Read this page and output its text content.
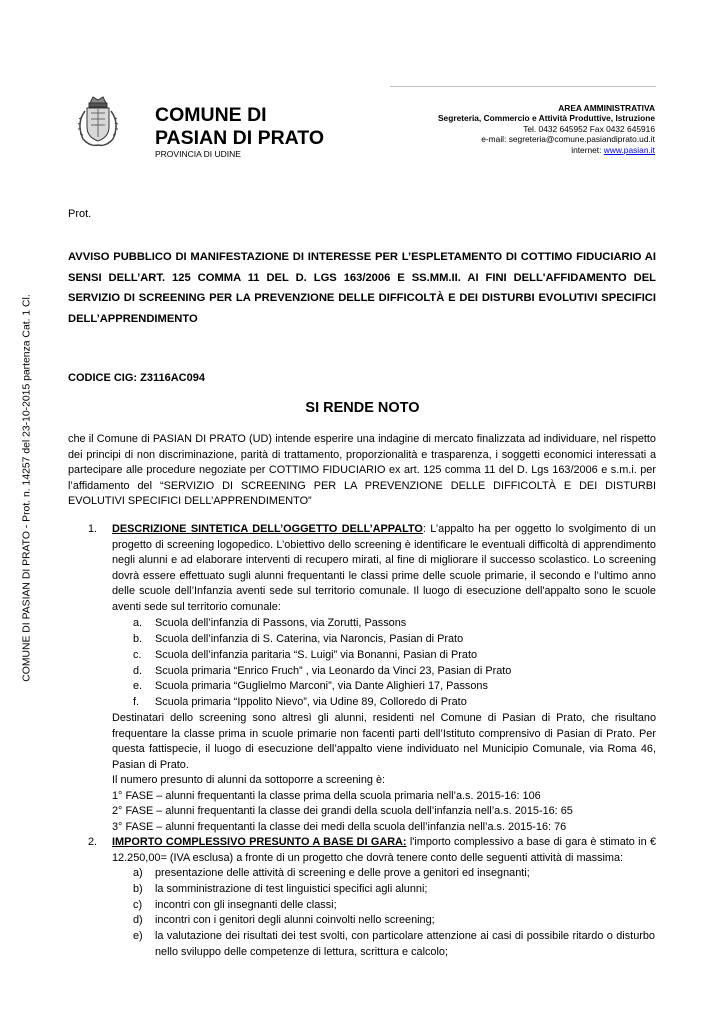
COMUNE DI PASIAN DI PRATO - Prot. n. 14257 del 23-10-2015 partenza Cat. 1 Cl.
COMUNE DI
PASIAN DI PRATO
PROVINCIA DI UDINE
AREA AMMINISTRATIVA
Segreteria, Commercio e Attività Produttive, Istruzione
Tel. 0432 645952 Fax 0432 645916
e-mail: segreteria@comune.pasiandiprato.ud.it
internet: www.pasian.it
Prot.
AVVISO PUBBLICO DI MANIFESTAZIONE DI INTERESSE PER L’ESPLETAMENTO DI COTTIMO FIDUCIARIO AI SENSI DELL’ART. 125 COMMA 11 DEL D. LGS 163/2006 E SS.MM.II. AI FINI DELL'AFFIDAMENTO DEL SERVIZIO DI SCREENING PER LA PREVENZIONE DELLE DIFFICOLTÀ E DEI DISTURBI EVOLUTIVI SPECIFICI DELL’APPRENDIMENTO
CODICE CIG: Z3116AC094
SI RENDE NOTO
che il Comune di PASIAN DI PRATO (UD) intende esperire una indagine di mercato finalizzata ad individuare, nel rispetto dei principi di non discriminazione, parità di trattamento, proporzionalità e trasparenza, i soggetti economici interessati a partecipare alle procedure negoziate per COTTIMO FIDUCIARIO ex art. 125 comma 11 del D. Lgs 163/2006 e s.m.i. per l’affidamento del “SERVIZIO DI SCREENING PER LA PREVENZIONE DELLE DIFFICOLTÀ E DEI DISTURBI EVOLUTIVI SPECIFICI DELL’APPRENDIMENTO”
1. DESCRIZIONE SINTETICA DELL’OGGETTO DELL’APPALTO: L’appalto ha per oggetto lo svolgimento di un progetto di screening logopedico. L’obiettivo dello screening è identificare le eventuali difficoltà di apprendimento negli alunni e ad elaborare interventi di recupero mirati, al fine di migliorare il successo scolastico. Lo screening dovrà essere effettuato sugli alunni frequentanti le classi prime delle scuole primarie, il secondo e l’ultimo anno delle scuole dell’Infanzia aventi sede sul territorio comunale. Il luogo di esecuzione dell'appalto sono le scuole aventi sede sul territorio comunale:
a.	Scuola dell’infanzia di Passons, via Zorutti, Passons
b.	Scuola dell’infanzia di S. Caterina, via Naroncis, Pasian di Prato
c.	Scuola dell’infanzia paritaria “S. Luigi” via Bonanni, Pasian di Prato
d.	Scuola primaria “Enrico Fruch” , via Leonardo da Vinci 23, Pasian di Prato
e.	Scuola primaria “Guglielmo Marconi”, via Dante Alighieri 17, Passons
f.	Scuola primaria “Ippolito Nievo”, via Udine 89, Colloredo di Prato
Destinatari dello screening sono altresì gli alunni, residenti nel Comune di Pasian di Prato, che risultano frequentare la classe prima in scuole primarie non facenti parti dell’Istituto comprensivo di Pasian di Prato. Per questa fattispecie, il luogo di esecuzione dell’appalto viene individuato nel Municipio Comunale, via Roma 46, Pasian di Prato.
Il numero presunto di alunni da sottoporre a screening è:
1° FASE – alunni frequentanti la classe prima della scuola primaria nell’a.s. 2015-16: 106
2° FASE – alunni frequentanti la classe dei grandi della scuola dell’infanzia nell’a.s. 2015-16: 65
3° FASE – alunni frequentanti la classe dei medi della scuola dell’infanzia nell’a.s. 2015-16: 76
2. IMPORTO COMPLESSIVO PRESUNTO A BASE DI GARA: l'importo complessivo a base di gara è stimato in € 12.250,00= (IVA esclusa) a fronte di un progetto che dovrà tenere conto delle seguenti attività di massima:
a)	presentazione delle attività di screening e delle prove a genitori ed insegnanti;
b)	la somministrazione di test linguistici specifici agli alunni;
c)	incontri con gli insegnanti delle classi;
d)	incontri con i genitori degli alunni coinvolti nello screening;
e)	la valutazione dei risultati dei test svolti, con particolare attenzione ai casi di possibile ritardo o disturbo nello sviluppo delle competenze di lettura, scrittura e calcolo;
